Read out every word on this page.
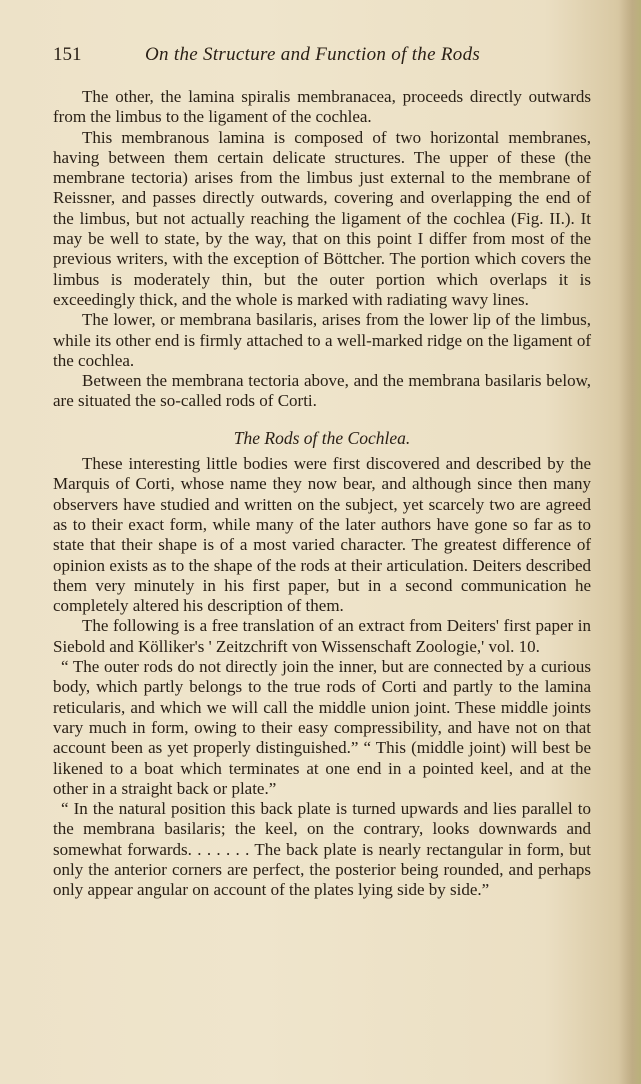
151	On the Structure and Function of the Rods

The other, the lamina spiralis membranacea, proceeds directly outwards from the limbus to the ligament of the cochlea.

This membranous lamina is composed of two horizontal membranes, having between them certain delicate structures. The upper of these (the membrane tectoria) arises from the limbus just external to the membrane of Reissner, and passes directly outwards, covering and overlapping the end of the limbus, but not actually reaching the ligament of the cochlea (Fig. II.). It may be well to state, by the way, that on this point I differ from most of the previous writers, with the exception of Böttcher. The portion which covers the limbus is moderately thin, but the outer portion which overlaps it is exceedingly thick, and the whole is marked with radiating wavy lines.

The lower, or membrana basilaris, arises from the lower lip of the limbus, while its other end is firmly attached to a well-marked ridge on the ligament of the cochlea.

Between the membrana tectoria above, and the membrana basilaris below, are situated the so-called rods of Corti.

The Rods of the Cochlea.

These interesting little bodies were first discovered and described by the Marquis of Corti, whose name they now bear, and although since then many observers have studied and written on the subject, yet scarcely two are agreed as to their exact form, while many of the later authors have gone so far as to state that their shape is of a most varied character. The greatest difference of opinion exists as to the shape of the rods at their articulation. Deiters described them very minutely in his first paper, but in a second communication he completely altered his description of them.

The following is a free translation of an extract from Deiters' first paper in Siebold and Kölliker's ' Zeitzchrift von Wissenschaft Zoologie,' vol. 10.

“ The outer rods do not directly join the inner, but are connected by a curious body, which partly belongs to the true rods of Corti and partly to the lamina reticularis, and which we will call the middle union joint. These middle joints vary much in form, owing to their easy compressibility, and have not on that account been as yet properly distinguished.” “ This (middle joint) will best be likened to a boat which terminates at one end in a pointed keel, and at the other in a straight back or plate.”

“ In the natural position this back plate is turned upwards and lies parallel to the membrana basilaris; the keel, on the contrary, looks downwards and somewhat forwards. . . . . . . The back plate is nearly rectangular in form, but only the anterior corners are perfect, the posterior being rounded, and perhaps only appear angular on account of the plates lying side by side.”
